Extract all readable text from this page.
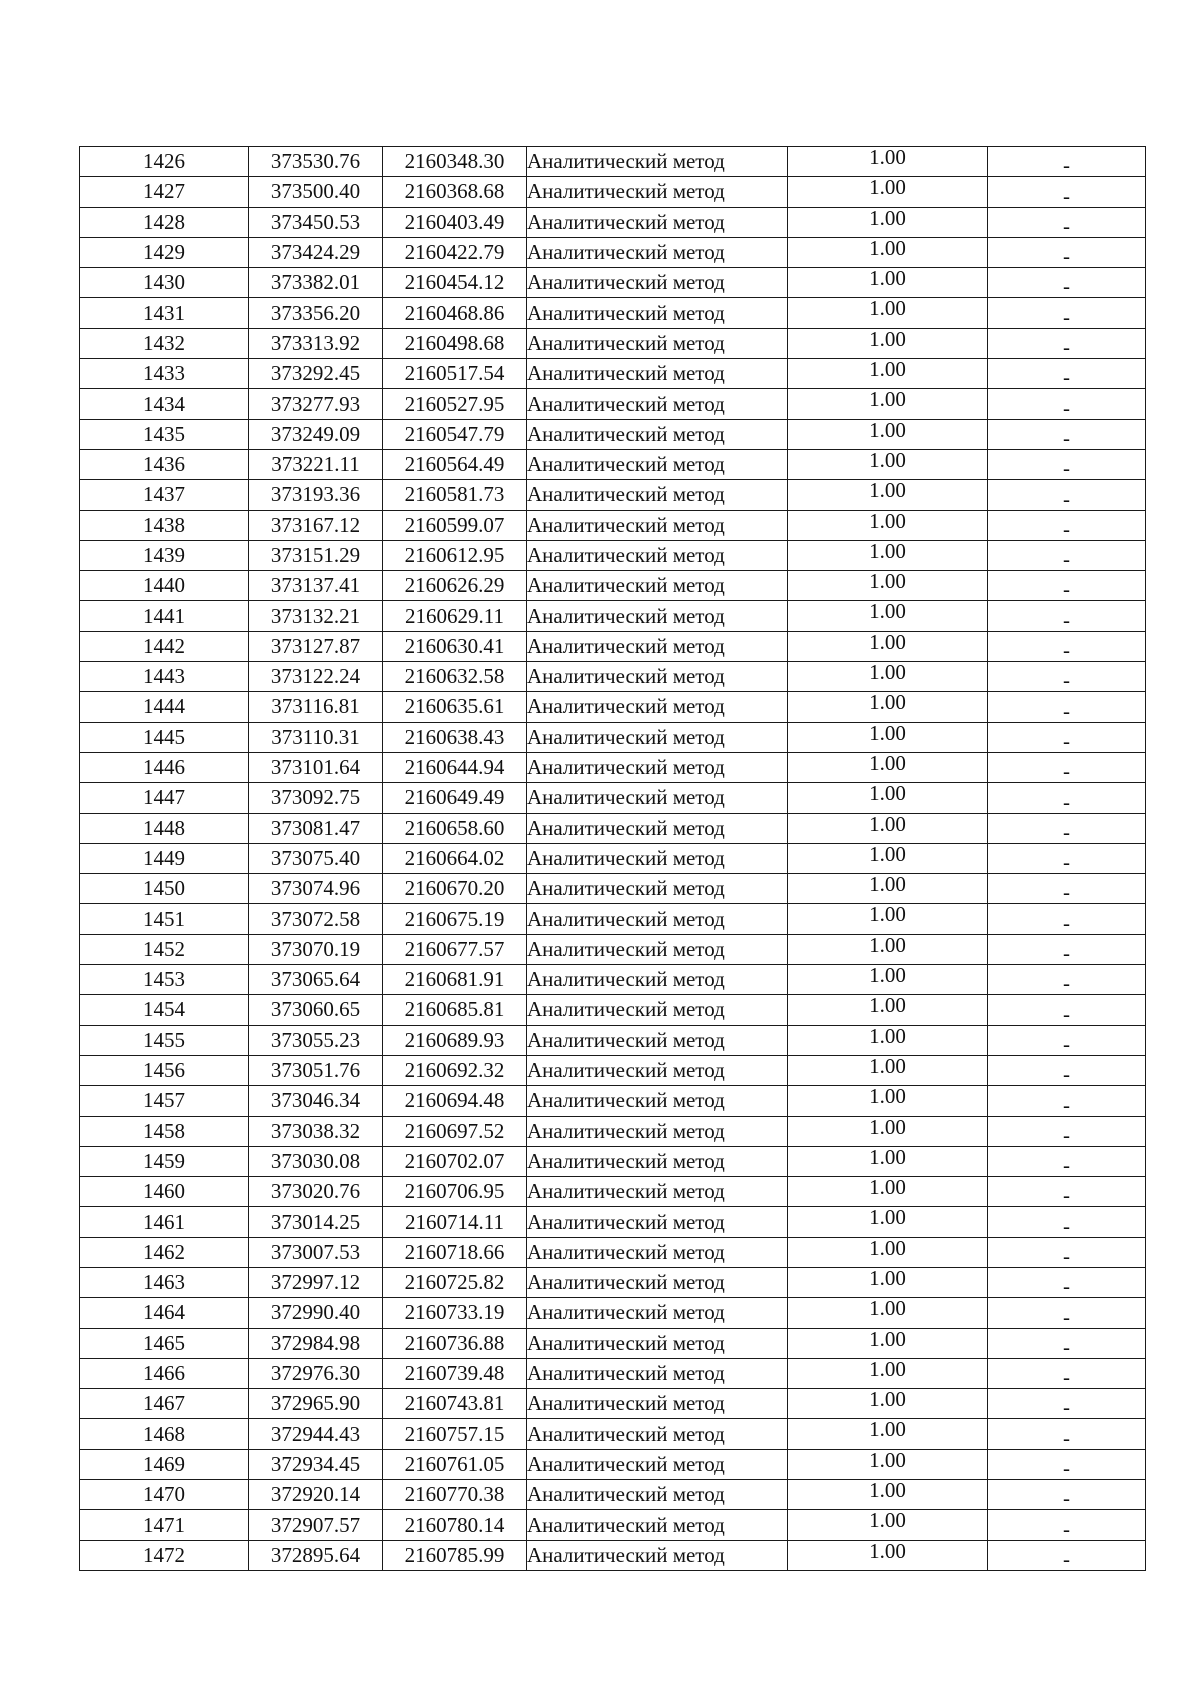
1426	373530.76	2160348.30	Аналитический метод	1.00	-
1427	373500.40	2160368.68	Аналитический метод	1.00	-
1428	373450.53	2160403.49	Аналитический метод	1.00	-
1429	373424.29	2160422.79	Аналитический метод	1.00	-
1430	373382.01	2160454.12	Аналитический метод	1.00	-
1431	373356.20	2160468.86	Аналитический метод	1.00	-
1432	373313.92	2160498.68	Аналитический метод	1.00	-
1433	373292.45	2160517.54	Аналитический метод	1.00	-
1434	373277.93	2160527.95	Аналитический метод	1.00	-
1435	373249.09	2160547.79	Аналитический метод	1.00	-
1436	373221.11	2160564.49	Аналитический метод	1.00	-
1437	373193.36	2160581.73	Аналитический метод	1.00	-
1438	373167.12	2160599.07	Аналитический метод	1.00	-
1439	373151.29	2160612.95	Аналитический метод	1.00	-
1440	373137.41	2160626.29	Аналитический метод	1.00	-
1441	373132.21	2160629.11	Аналитический метод	1.00	-
1442	373127.87	2160630.41	Аналитический метод	1.00	-
1443	373122.24	2160632.58	Аналитический метод	1.00	-
1444	373116.81	2160635.61	Аналитический метод	1.00	-
1445	373110.31	2160638.43	Аналитический метод	1.00	-
1446	373101.64	2160644.94	Аналитический метод	1.00	-
1447	373092.75	2160649.49	Аналитический метод	1.00	-
1448	373081.47	2160658.60	Аналитический метод	1.00	-
1449	373075.40	2160664.02	Аналитический метод	1.00	-
1450	373074.96	2160670.20	Аналитический метод	1.00	-
1451	373072.58	2160675.19	Аналитический метод	1.00	-
1452	373070.19	2160677.57	Аналитический метод	1.00	-
1453	373065.64	2160681.91	Аналитический метод	1.00	-
1454	373060.65	2160685.81	Аналитический метод	1.00	-
1455	373055.23	2160689.93	Аналитический метод	1.00	-
1456	373051.76	2160692.32	Аналитический метод	1.00	-
1457	373046.34	2160694.48	Аналитический метод	1.00	-
1458	373038.32	2160697.52	Аналитический метод	1.00	-
1459	373030.08	2160702.07	Аналитический метод	1.00	-
1460	373020.76	2160706.95	Аналитический метод	1.00	-
1461	373014.25	2160714.11	Аналитический метод	1.00	-
1462	373007.53	2160718.66	Аналитический метод	1.00	-
1463	372997.12	2160725.82	Аналитический метод	1.00	-
1464	372990.40	2160733.19	Аналитический метод	1.00	-
1465	372984.98	2160736.88	Аналитический метод	1.00	-
1466	372976.30	2160739.48	Аналитический метод	1.00	-
1467	372965.90	2160743.81	Аналитический метод	1.00	-
1468	372944.43	2160757.15	Аналитический метод	1.00	-
1469	372934.45	2160761.05	Аналитический метод	1.00	-
1470	372920.14	2160770.38	Аналитический метод	1.00	-
1471	372907.57	2160780.14	Аналитический метод	1.00	-
1472	372895.64	2160785.99	Аналитический метод	1.00	-
